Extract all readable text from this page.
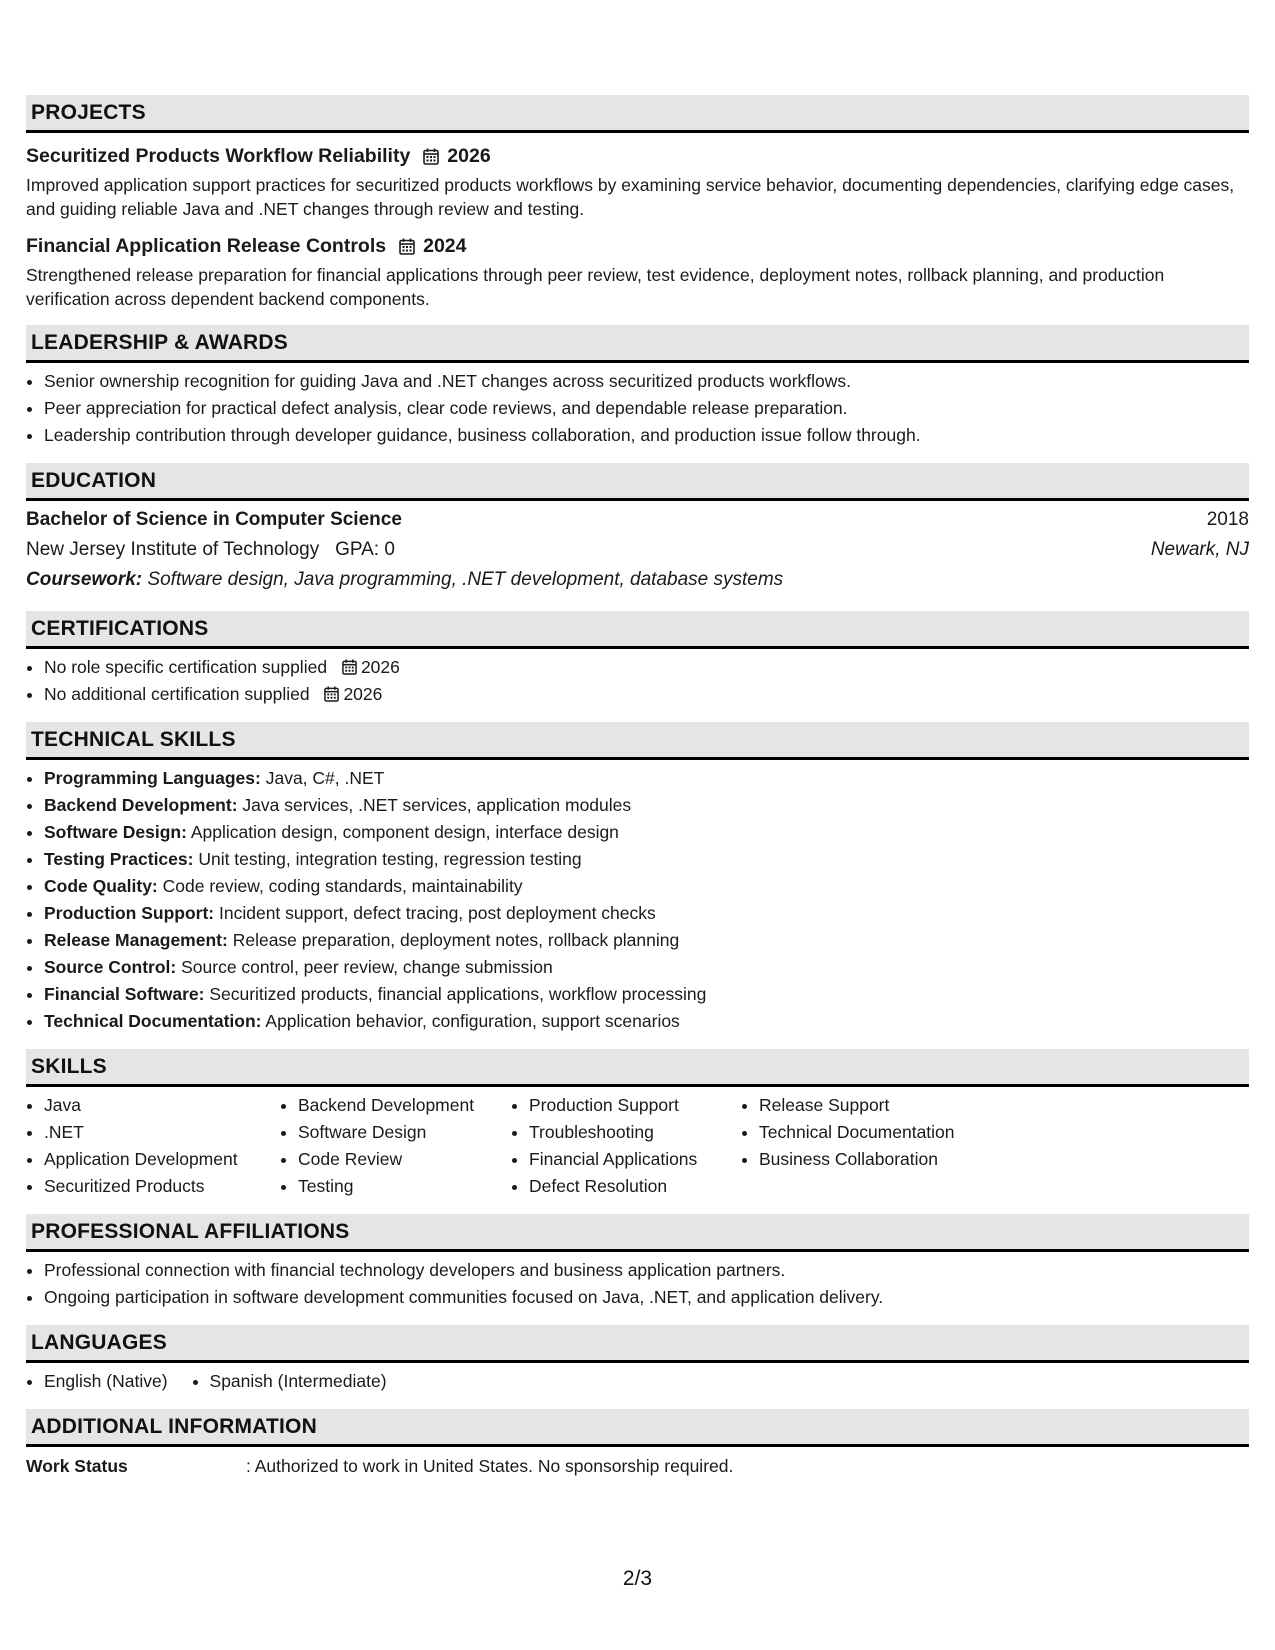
PROJECTS
Securitized Products Workflow Reliability 2026
Improved application support practices for securitized products workflows by examining service behavior, documenting dependencies, clarifying edge cases, and guiding reliable Java and .NET changes through review and testing.
Financial Application Release Controls 2024
Strengthened release preparation for financial applications through peer review, test evidence, deployment notes, rollback planning, and production verification across dependent backend components.
LEADERSHIP & AWARDS
• Senior ownership recognition for guiding Java and .NET changes across securitized products workflows.
• Peer appreciation for practical defect analysis, clear code reviews, and dependable release preparation.
• Leadership contribution through developer guidance, business collaboration, and production issue follow through.
EDUCATION
Bachelor of Science in Computer Science	2018
New Jersey Institute of Technology GPA: 0	Newark, NJ
Coursework: Software design, Java programming, .NET development, database systems
CERTIFICATIONS
• No role specific certification supplied 2026
• No additional certification supplied 2026
TECHNICAL SKILLS
• Programming Languages: Java, C#, .NET
• Backend Development: Java services, .NET services, application modules
• Software Design: Application design, component design, interface design
• Testing Practices: Unit testing, integration testing, regression testing
• Code Quality: Code review, coding standards, maintainability
• Production Support: Incident support, defect tracing, post deployment checks
• Release Management: Release preparation, deployment notes, rollback planning
• Source Control: Source control, peer review, change submission
• Financial Software: Securitized products, financial applications, workflow processing
• Technical Documentation: Application behavior, configuration, support scenarios
SKILLS
• Java
• .NET
• Application Development
• Securitized Products
• Backend Development
• Software Design
• Code Review
• Testing
• Production Support
• Troubleshooting
• Financial Applications
• Defect Resolution
• Release Support
• Technical Documentation
• Business Collaboration
PROFESSIONAL AFFILIATIONS
• Professional connection with financial technology developers and business application partners.
• Ongoing participation in software development communities focused on Java, .NET, and application delivery.
LANGUAGES
• English (Native)
• Spanish (Intermediate)
ADDITIONAL INFORMATION
Work Status	: Authorized to work in United States. No sponsorship required.
2/3
